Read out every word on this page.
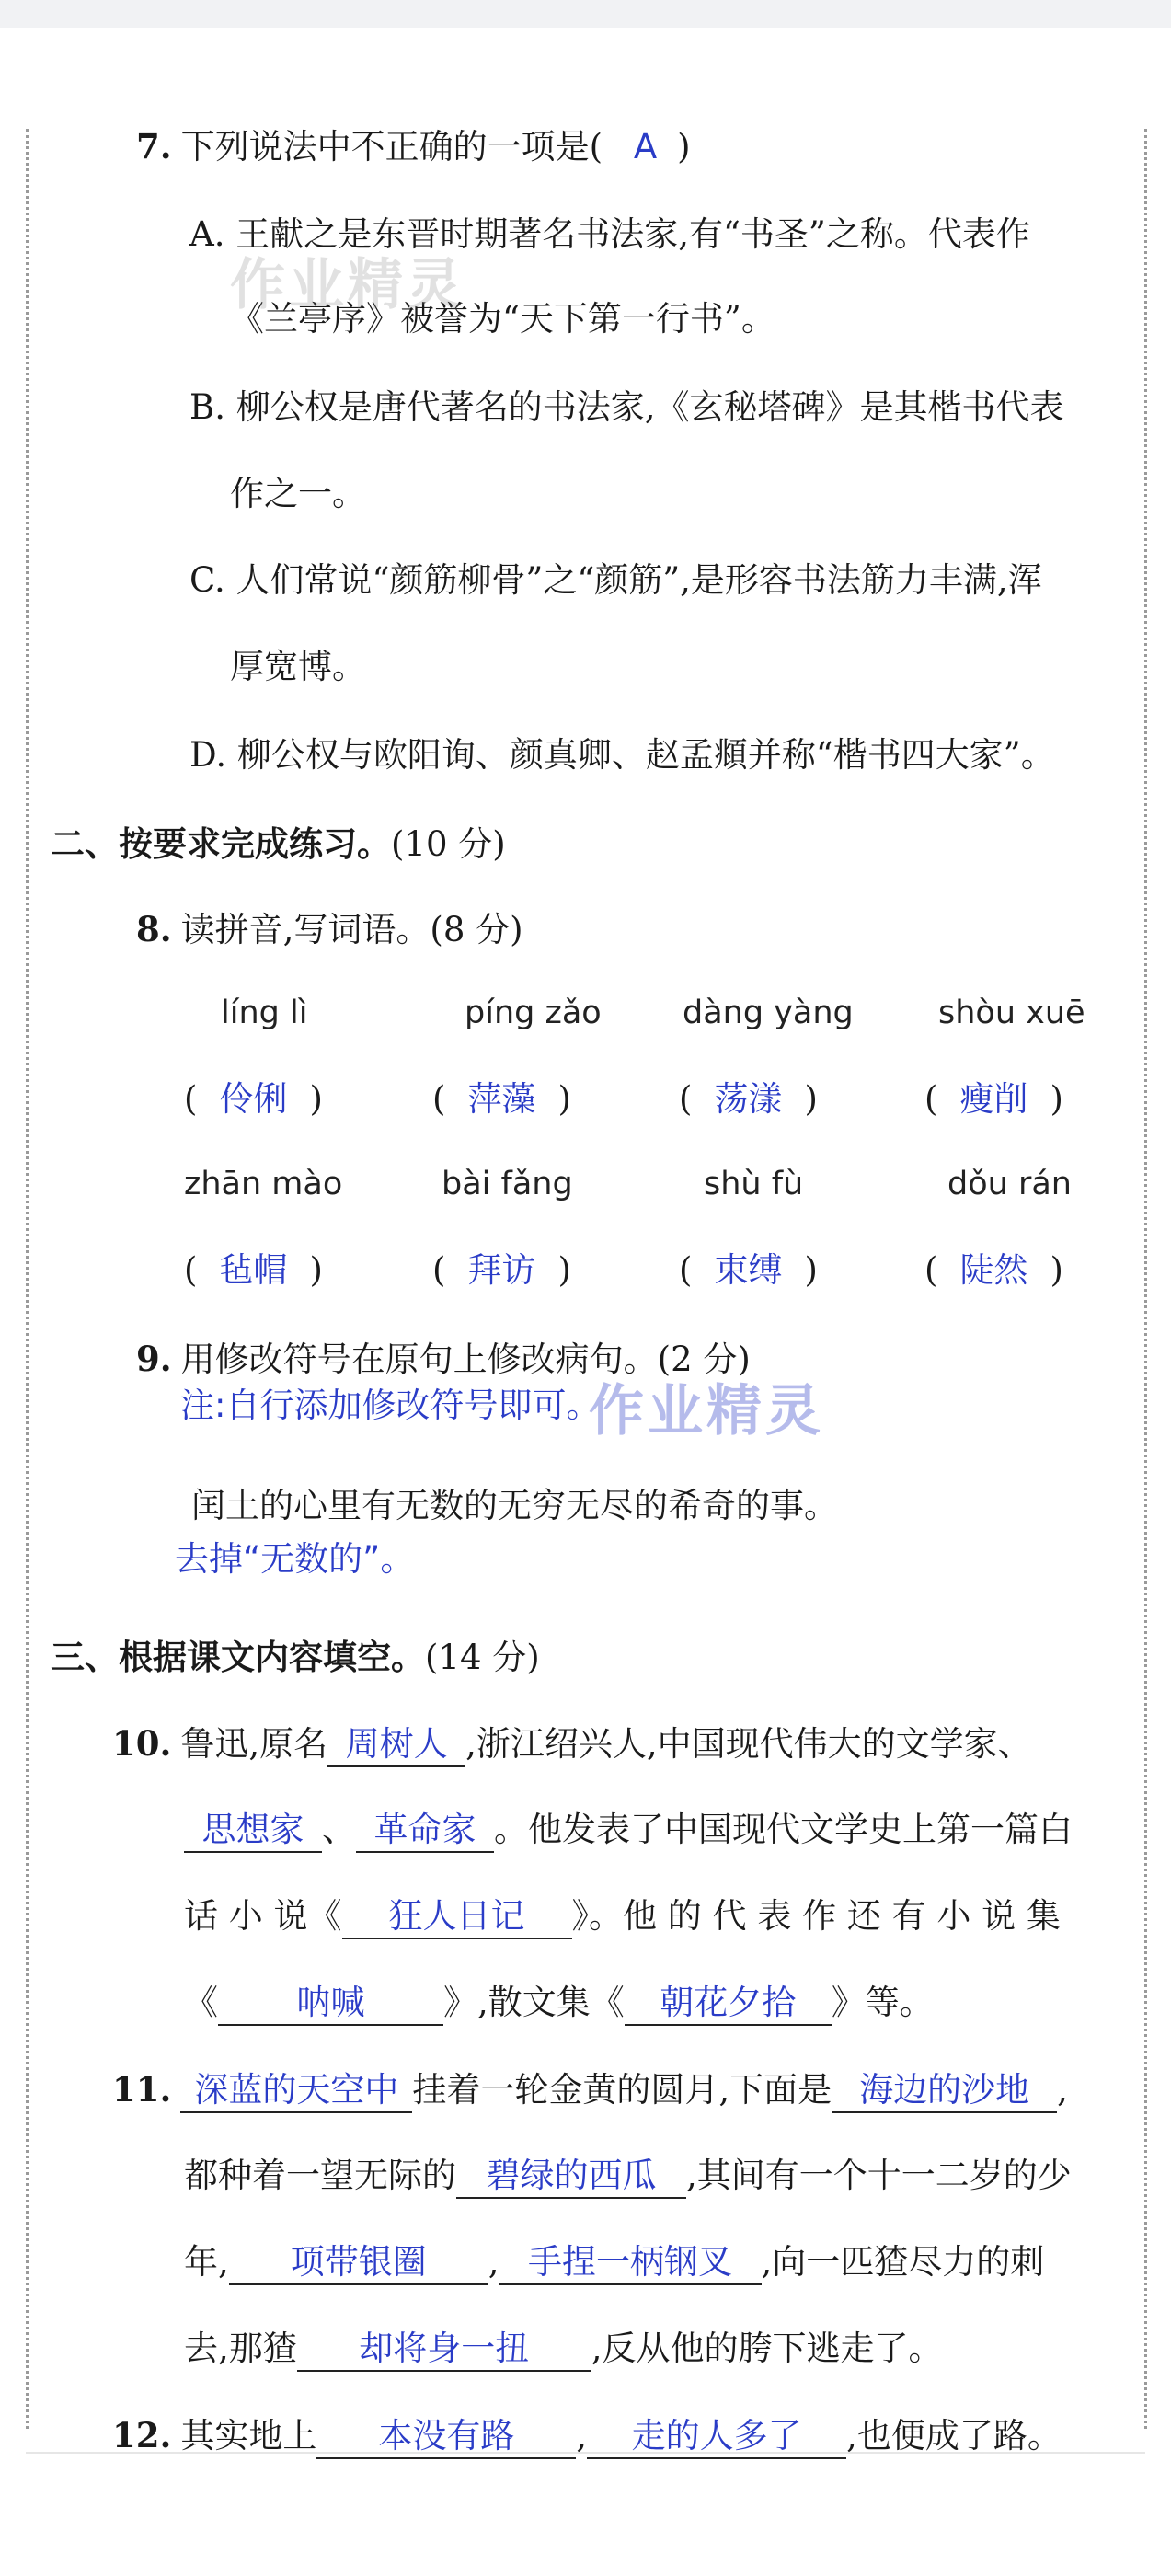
7. 下列说法中不正确的一项是( A )
A. 王献之是东晋时期著名书法家,有“书圣”之称。代表作
《兰亭序》被誉为“天下第一行书”。
B. 柳公权是唐代著名的书法家,《玄秘塔碑》是其楷书代表
作之一。
C. 人们常说“颜筋柳骨”之“颜筋”,是形容书法筋力丰满,浑
厚宽博。
D. 柳公权与欧阳询、颜真卿、赵孟頫并称“楷书四大家”。
作业精灵
二、按要求完成练习。(10 分)
8. 读拼音,写词语。(8 分)
líng lì	píng zǎo	dàng yàng	shòu xuē
( 伶俐 )	( 萍藻 )	( 荡漾 )	( 瘦削 )
zhān mào	bài fǎng	shù fù	dǒu rán
( 毡帽 )	( 拜访 )	( 束缚 )	( 陡然 )
9. 用修改符号在原句上修改病句。(2 分)
注:自行添加修改符号即可。
作业精灵
闰土的心里有无数的无穷无尽的希奇的事。
去掉“无数的”。
三、根据课文内容填空。(14 分)
10. 鲁迅,原名 周树人 ,浙江绍兴人,中国现代伟大的文学家、
思想家 、 革命家 。他发表了中国现代文学史上第一篇白
话 小 说《 狂人日记 》。他 的 代 表 作 还 有 小 说 集
《 呐喊 》,散文集《 朝花夕拾 》等。
11. 深蓝的天空中 挂着一轮金黄的圆月,下面是 海边的沙地 ,
都种着一望无际的 碧绿的西瓜 ,其间有一个十一二岁的少
年, 项带银圈 , 手捏一柄钢叉 ,向一匹猹尽力的刺
去,那猹 却将身一扭 ,反从他的胯下逃走了。
12. 其实地上 本没有路 , 走的人多了 ,也便成了路。
